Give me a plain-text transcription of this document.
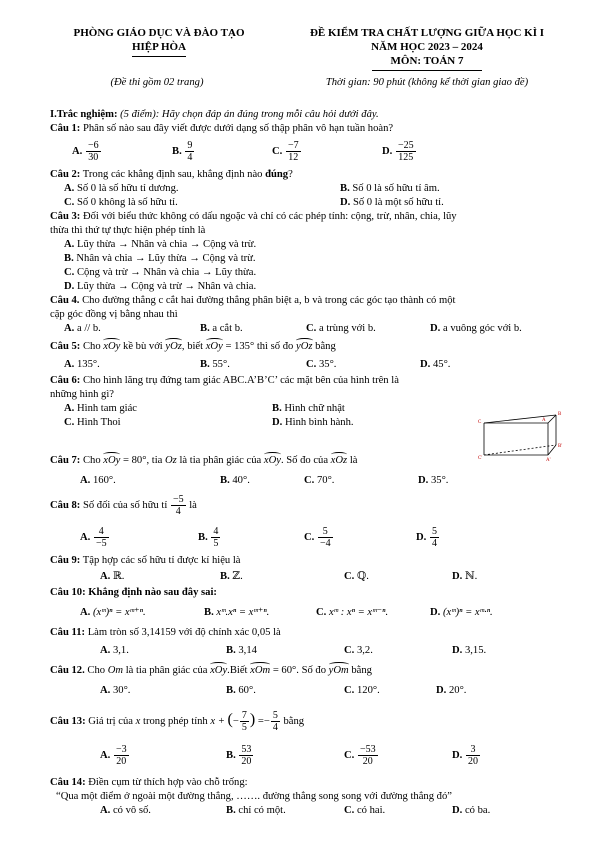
PHÒNG GIÁO DỤC VÀ ĐÀO TẠO
HIỆP HÒA
ĐỀ KIỂM TRA CHẤT LƯỢNG GIỮA HỌC KÌ I
NĂM HỌC 2023 – 2024
MÔN: TOÁN 7
(Đề thi gồm 02 trang)	Thời gian: 90 phút (không kể thời gian giao đề)
I.Trắc nghiệm: (5 điểm): Hãy chọn đáp án đúng trong mỗi câu hỏi dưới đây.
Câu 1: Phân số nào sau đây viết được dưới dạng số thập phân vô hạn tuần hoàn?
A. $\frac{-6}{30}$	B. $\frac{9}{4}$	C. $\frac{-7}{12}$	D. $\frac{-25}{125}$
Câu 2: Trong các khẳng định sau, khẳng định nào đúng?
A. Số 0 là số hữu tỉ dương.	B. Số 0 là số hữu tỉ âm.
C. Số 0 không là số hữu tỉ.	D. Số 0 là một số hữu tỉ.
Câu 3: Đối với biểu thức không có dấu ngoặc và chỉ có các phép tính: cộng, trừ, nhân, chia, lũy
thừa thì thứ tự thực hiện phép tính là
A. Lũy thừa → Nhân và chia → Cộng và trừ.
B. Nhân và chia → Lũy thừa → Cộng và trừ.
C. Cộng và trừ → Nhân và chia → Lũy thừa.
D. Lũy thừa → Cộng và trừ → Nhân và chia.
Câu 4. Cho đường thẳng c cắt hai đường thẳng phân biệt a, b và trong các góc tạo thành có một
cặp góc đồng vị bằng nhau thì
A. a // b.	B. a cắt b.	C. a trùng với b.	D. a vuông góc với b.
Câu 5: Cho xOy kề bù với yOz, biết xOy = 135° thì số đo yOz bằng
A. 135°.	B. 55°.	C. 35°.	D. 45°.
Câu 6: Cho hình lăng trụ đứng tam giác ABC.A’B’C’ các mặt bên của hình trên là
những hình gì?
A. Hình tam giác	B. Hình chữ nhật
C. Hình Thoi	D. Hình bình hành.
Câu 7: Cho xOy = 80°, tia Oz là tia phân giác của xOy. Số đo của xOz là
A. 160°.	B. 40°.	C. 70°.	D. 35°.
Câu 8: Số đối của số hữu tỉ $\frac{-5}{4}$ là
A. $\frac{4}{-5}$	B. $\frac{4}{5}$	C. $\frac{5}{-4}$	D. $\frac{5}{4}$
Câu 9: Tập hợp các số hữu tỉ được kí hiệu là
A. ℝ.	B. ℤ.	C. ℚ.	D. ℕ.
Câu 10: Khẳng định nào sau đây sai:
A. (xᵐ)ⁿ = xᵐ⁺ⁿ.	B. xᵐ.xⁿ = xᵐ⁺ⁿ.	C. xᵐ : xⁿ = xᵐ⁻ⁿ.	D. (xᵐ)ⁿ = xᵐ·ⁿ.
Câu 11: Làm tròn số 3,14159 với độ chính xác 0,05 là
A. 3,1.	B. 3,14	C. 3,2.	D. 3,15.
Câu 12. Cho Om là tia phân giác của xOy.Biết xOm = 60°. Số đo yOm bằng
A. 30°.	B. 60°.	C. 120°.	D. 20°.
Câu 13: Giá trị của x trong phép tính x + (− $\frac{7}{5}$ ) =− $\frac{5}{4}$ bằng
A. $\frac{-3}{20}$	B. $\frac{53}{20}$	C. $\frac{-53}{20}$	D. $\frac{3}{20}$
Câu 14: Điền cụm từ thích hợp vào chỗ trống:
“Qua một điểm ở ngoài một đường thẳng, ……. đường thẳng song song với đường thẳng đó”
A. có vô số.	B. chỉ có một.	C. có hai.	D. có ba.
B
C	A
B'
C'	A'
